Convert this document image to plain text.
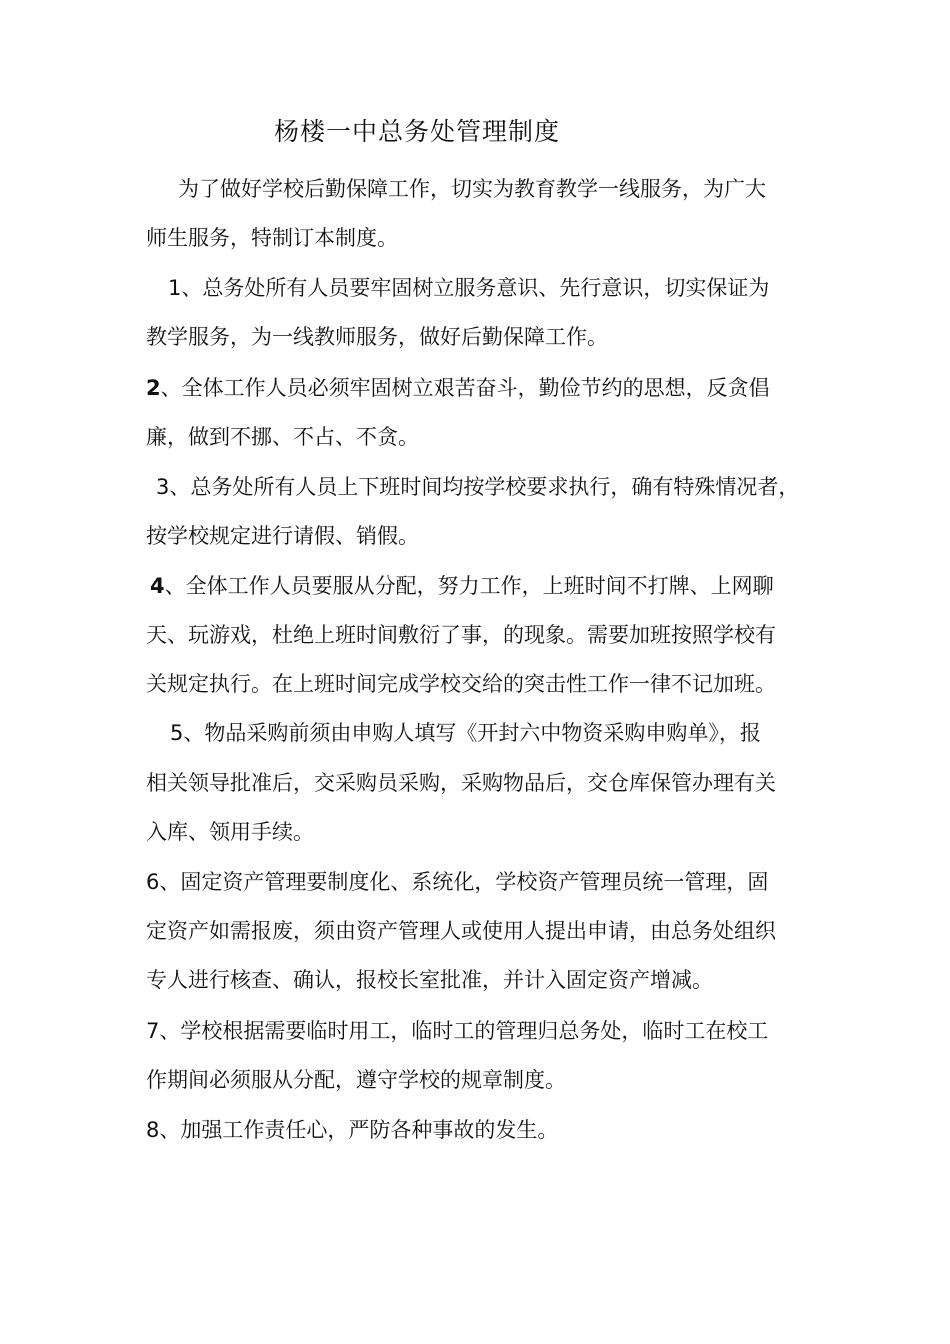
杨楼一中总务处管理制度
为了做好学校后勤保障工作，切实为教育教学一线服务，为广大
师生服务，特制订本制度。
1、总务处所有人员要牢固树立服务意识、先行意识，切实保证为
教学服务，为一线教师服务，做好后勤保障工作。
2、全体工作人员必须牢固树立艰苦奋斗，勤俭节约的思想，反贪倡
廉，做到不挪、不占、不贪。
3、总务处所有人员上下班时间均按学校要求执行，确有特殊情况者，
按学校规定进行请假、销假。
4、全体工作人员要服从分配，努力工作，上班时间不打牌、上网聊
天、玩游戏，杜绝上班时间敷衍了事，的现象。需要加班按照学校有
关规定执行。在上班时间完成学校交给的突击性工作一律不记加班。
5、物品采购前须由申购人填写《开封六中物资采购申购单》，报
相关领导批准后，交采购员采购，采购物品后，交仓库保管办理有关
入库、领用手续。
6、固定资产管理要制度化、系统化，学校资产管理员统一管理，固
定资产如需报废，须由资产管理人或使用人提出申请，由总务处组织
专人进行核查、确认，报校长室批准，并计入固定资产增减。
7、学校根据需要临时用工，临时工的管理归总务处，临时工在校工
作期间必须服从分配，遵守学校的规章制度。
8、加强工作责任心，严防各种事故的发生。
